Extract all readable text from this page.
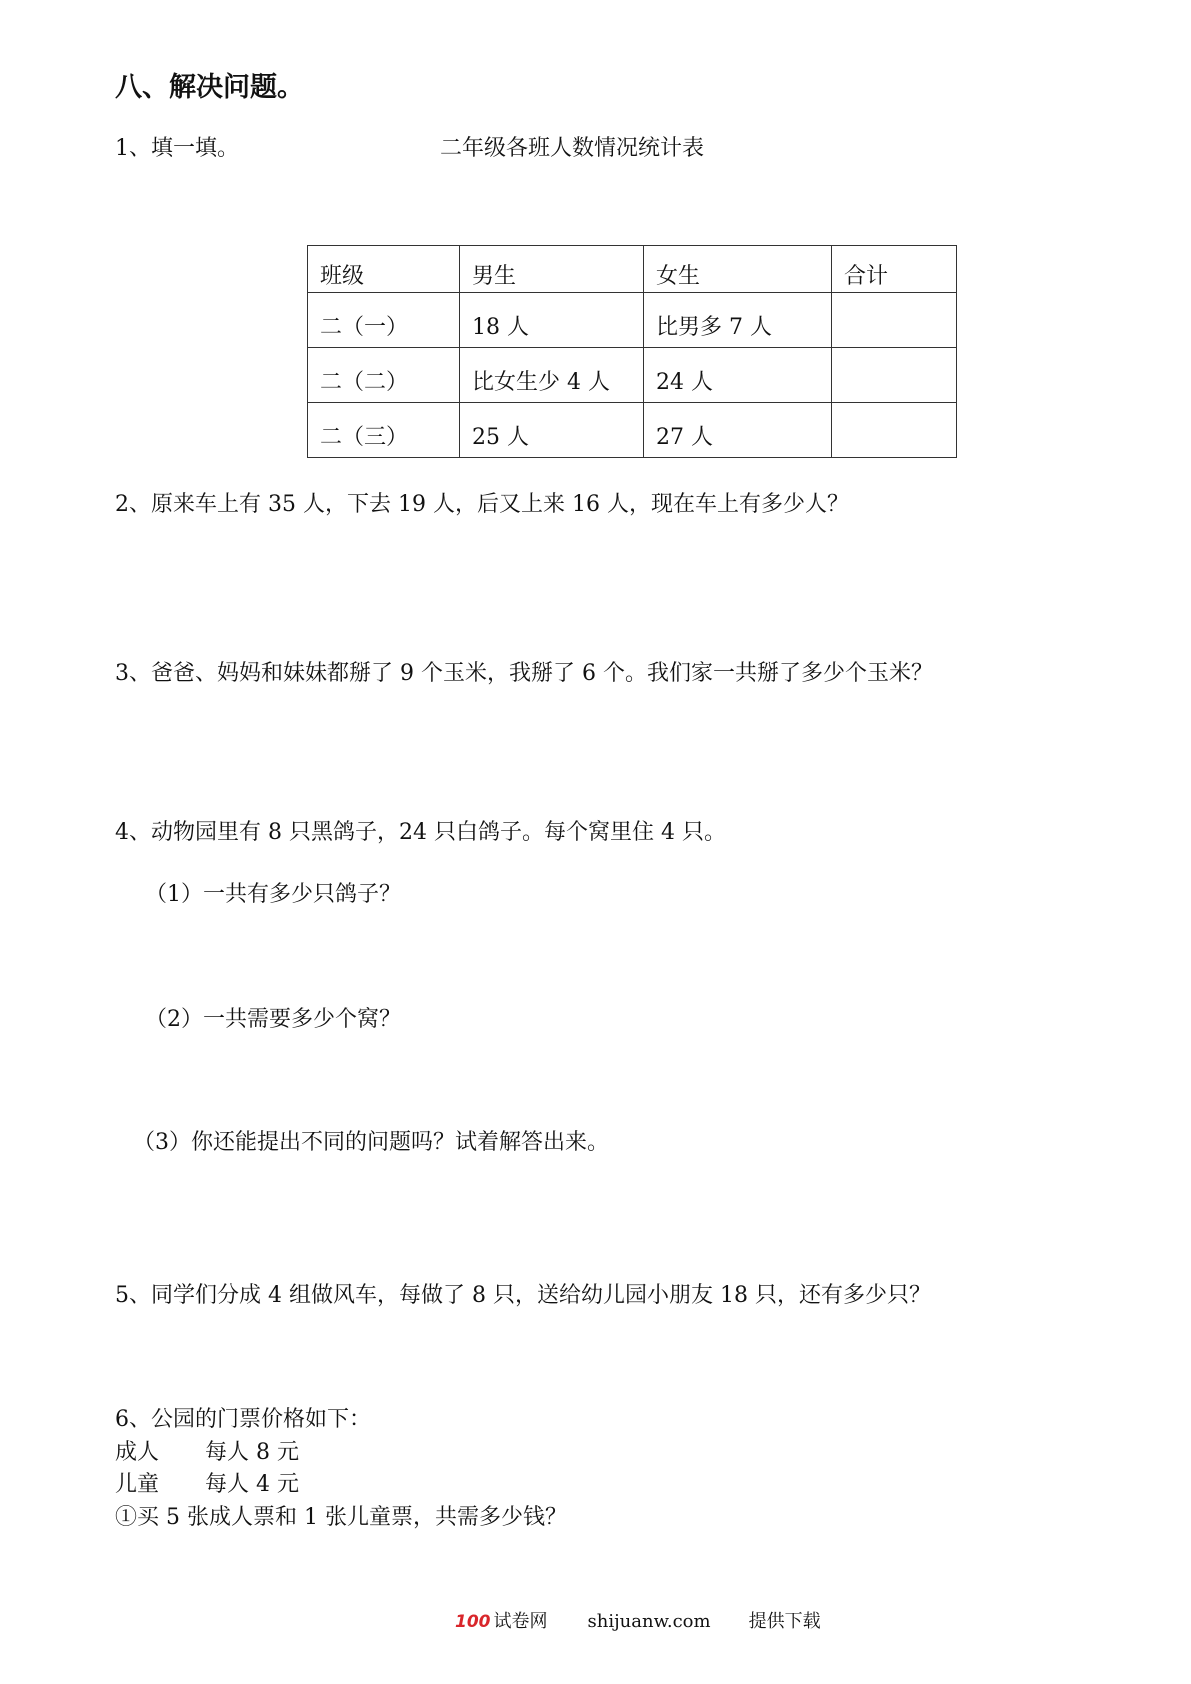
八、解决问题。
1、填一填。	二年级各班人数情况统计表
班级	男生	女生	合计
二（一）	18 人	比男多 7 人	
二（二）	比女生少 4 人	24 人	
二（三）	25 人	27 人	
2、原来车上有 35 人，下去 19 人，后又上来 16 人，现在车上有多少人？
3、爸爸、妈妈和妹妹都掰了 9 个玉米，我掰了 6 个。我们家一共掰了多少个玉米？
4、动物园里有 8 只黑鸽子，24 只白鸽子。每个窝里住 4 只。
（1）一共有多少只鸽子？
（2）一共需要多少个窝？
（3）你还能提出不同的问题吗？试着解答出来。
5、同学们分成 4 组做风车，每做了 8 只，送给幼儿园小朋友 18 只，还有多少只？
6、公园的门票价格如下：
成人 每人 8 元
儿童 每人 4 元
①买 5 张成人票和 1 张儿童票，共需多少钱？
100 试卷网 shijuanw.com 提供下载
